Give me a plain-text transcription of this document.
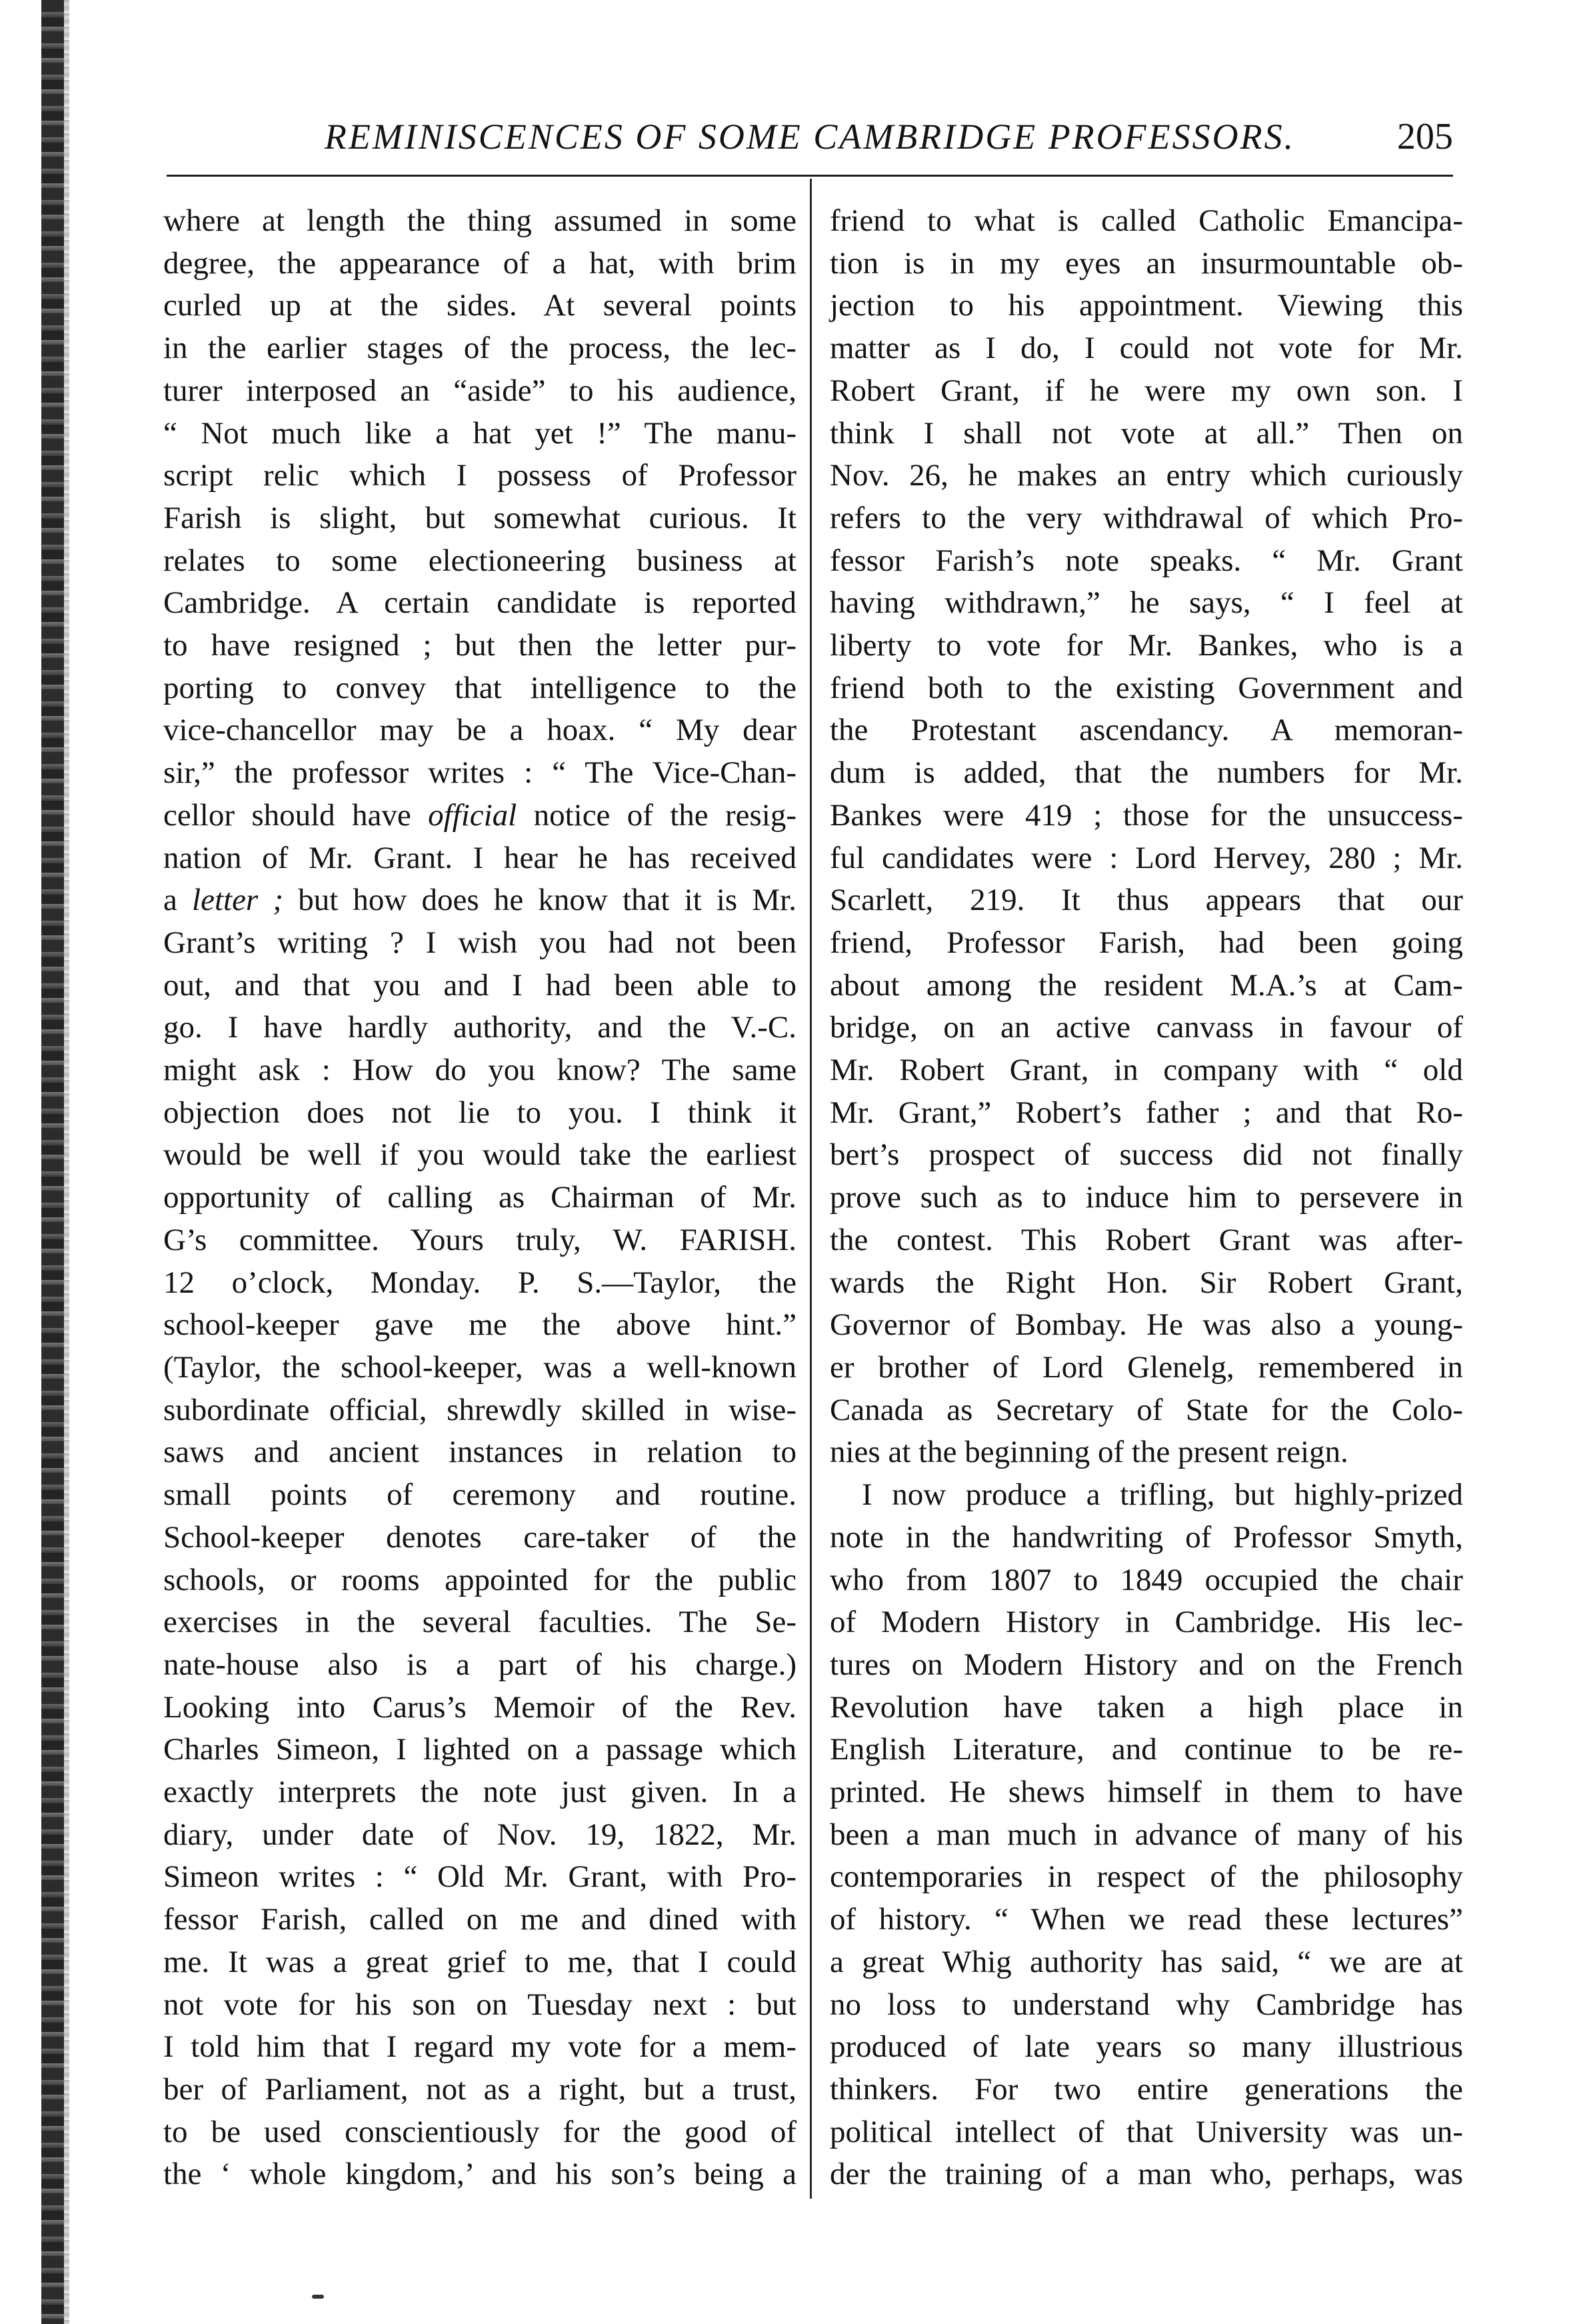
REMINISCENCES OF SOME CAMBRIDGE PROFESSORS.	205
where at length the thing assumed in some
degree, the appearance of a hat, with brim
curled up at the sides. At several points
in the earlier stages of the process, the lec-
turer interposed an “aside” to his audience,
“ Not much like a hat yet !” The manu-
script relic which I possess of Professor
Farish is slight, but somewhat curious. It
relates to some electioneering business at
Cambridge. A certain candidate is reported
to have resigned ; but then the letter pur-
porting to convey that intelligence to the
vice-chancellor may be a hoax. “ My dear
sir,” the professor writes : “ The Vice-Chan-
cellor should have official notice of the resig-
nation of Mr. Grant. I hear he has received
a letter ; but how does he know that it is Mr.
Grant’s writing ? I wish you had not been
out, and that you and I had been able to
go. I have hardly authority, and the V.-C.
might ask : How do you know? The same
objection does not lie to you. I think it
would be well if you would take the earliest
opportunity of calling as Chairman of Mr.
G’s committee. Yours truly, W. FARISH.
12 o’clock, Monday. P. S.—Taylor, the
school-keeper gave me the above hint.”
(Taylor, the school-keeper, was a well-known
subordinate official, shrewdly skilled in wise-
saws and ancient instances in relation to
small points of ceremony and routine.
School-keeper denotes care-taker of the
schools, or rooms appointed for the public
exercises in the several faculties. The Se-
nate-house also is a part of his charge.)
Looking into Carus’s Memoir of the Rev.
Charles Simeon, I lighted on a passage which
exactly interprets the note just given. In a
diary, under date of Nov. 19, 1822, Mr.
Simeon writes : “ Old Mr. Grant, with Pro-
fessor Farish, called on me and dined with
me. It was a great grief to me, that I could
not vote for his son on Tuesday next : but
I told him that I regard my vote for a mem-
ber of Parliament, not as a right, but a trust,
to be used conscientiously for the good of
the ‘ whole kingdom,’ and his son’s being a
friend to what is called Catholic Emancipa-
tion is in my eyes an insurmountable ob-
jection to his appointment. Viewing this
matter as I do, I could not vote for Mr.
Robert Grant, if he were my own son. I
think I shall not vote at all.” Then on
Nov. 26, he makes an entry which curiously
refers to the very withdrawal of which Pro-
fessor Farish’s note speaks. “ Mr. Grant
having withdrawn,” he says, “ I feel at
liberty to vote for Mr. Bankes, who is a
friend both to the existing Government and
the Protestant ascendancy. A memoran-
dum is added, that the numbers for Mr.
Bankes were 419 ; those for the unsuccess-
ful candidates were : Lord Hervey, 280 ; Mr.
Scarlett, 219. It thus appears that our
friend, Professor Farish, had been going
about among the resident M.A.’s at Cam-
bridge, on an active canvass in favour of
Mr. Robert Grant, in company with “ old
Mr. Grant,” Robert’s father ; and that Ro-
bert’s prospect of success did not finally
prove such as to induce him to persevere in
the contest. This Robert Grant was after-
wards the Right Hon. Sir Robert Grant,
Governor of Bombay. He was also a young-
er brother of Lord Glenelg, remembered in
Canada as Secretary of State for the Colo-
nies at the beginning of the present reign.
I now produce a trifling, but highly-prized
note in the handwriting of Professor Smyth,
who from 1807 to 1849 occupied the chair
of Modern History in Cambridge. His lec-
tures on Modern History and on the French
Revolution have taken a high place in
English Literature, and continue to be re-
printed. He shews himself in them to have
been a man much in advance of many of his
contemporaries in respect of the philosophy
of history. “ When we read these lectures”
a great Whig authority has said, “ we are at
no loss to understand why Cambridge has
produced of late years so many illustrious
thinkers. For two entire generations the
political intellect of that University was un-
der the training of a man who, perhaps, was
